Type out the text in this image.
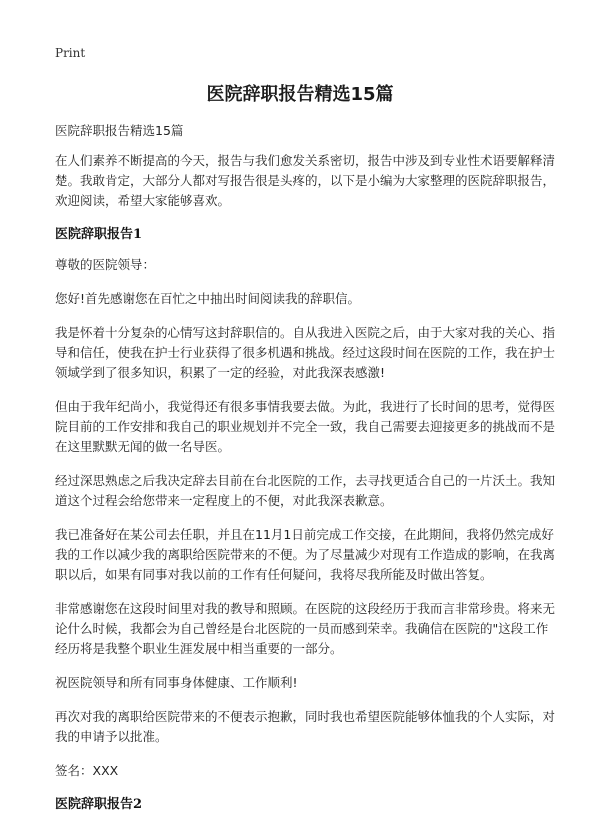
Print
医院辞职报告精选15篇

医院辞职报告精选15篇

在人们素养不断提高的今天，报告与我们愈发关系密切，报告中涉及到专业性术语要解释清楚。我敢肯定，大部分人都对写报告很是头疼的，以下是小编为大家整理的医院辞职报告，欢迎阅读，希望大家能够喜欢。

医院辞职报告1

尊敬的医院领导：

您好!首先感谢您在百忙之中抽出时间阅读我的辞职信。

我是怀着十分复杂的心情写这封辞职信的。自从我进入医院之后，由于大家对我的关心、指导和信任，使我在护士行业获得了很多机遇和挑战。经过这段时间在医院的工作，我在护士领域学到了很多知识，积累了一定的经验，对此我深表感激!

但由于我年纪尚小，我觉得还有很多事情我要去做。为此，我进行了长时间的思考，觉得医院目前的工作安排和我自己的职业规划并不完全一致，我自己需要去迎接更多的挑战而不是在这里默默无闻的做一名导医。

经过深思熟虑之后我决定辞去目前在台北医院的工作，去寻找更适合自己的一片沃土。我知道这个过程会给您带来一定程度上的不便，对此我深表歉意。

我已准备好在某公司去任职，并且在11月1日前完成工作交接，在此期间，我将仍然完成好我的工作以减少我的离职给医院带来的不便。为了尽量减少对现有工作造成的影响，在我离职以后，如果有同事对我以前的工作有任何疑问，我将尽我所能及时做出答复。

非常感谢您在这段时间里对我的教导和照顾。在医院的这段经历于我而言非常珍贵。将来无论什么时候，我都会为自己曾经是台北医院的一员而感到荣幸。我确信在医院的"这段工作经历将是我整个职业生涯发展中相当重要的一部分。

祝医院领导和所有同事身体健康、工作顺利!

再次对我的离职给医院带来的不便表示抱歉，同时我也希望医院能够体恤我的个人实际，对我的申请予以批准。

签名：XXX

医院辞职报告2
